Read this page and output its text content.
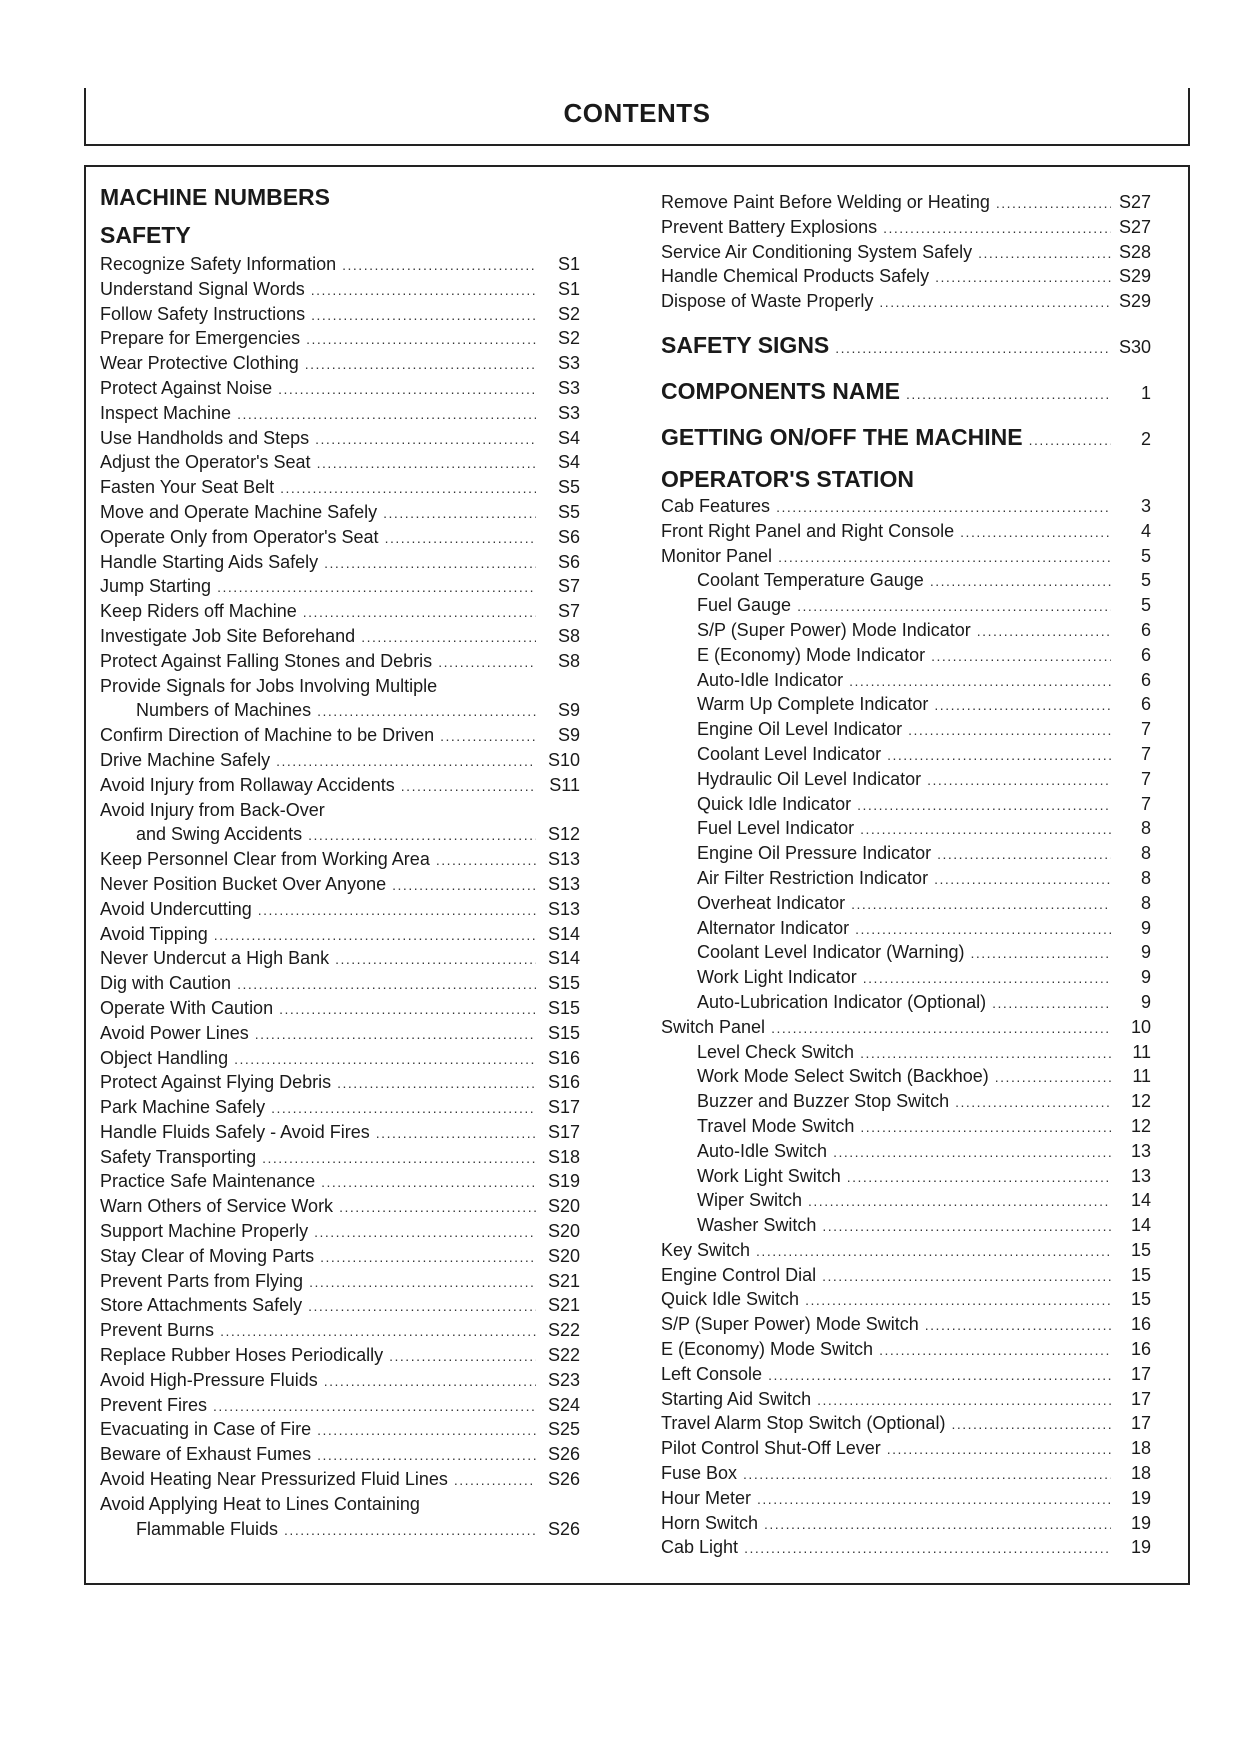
CONTENTS
MACHINE NUMBERS
SAFETY
Recognize Safety Information .....	S1
Understand Signal Words .....	S1
Follow Safety Instructions .....	S2
Prepare for Emergencies .....	S2
Wear Protective Clothing .....	S3
Protect Against Noise .....	S3
Inspect Machine .....	S3
Use Handholds and Steps .....	S4
Adjust the Operator's Seat .....	S4
Fasten Your Seat Belt .....	S5
Move and Operate Machine Safely .....	S5
Operate Only from Operator's Seat .....	S6
Handle Starting Aids Safely .....	S6
Jump Starting .....	S7
Keep Riders off Machine .....	S7
Investigate Job Site Beforehand .....	S8
Protect Against Falling Stones and Debris .....	S8
Provide Signals for Jobs Involving Multiple
Numbers of Machines .....	S9
Confirm Direction of Machine to be Driven .....	S9
Drive Machine Safely .....	S10
Avoid Injury from Rollaway Accidents .....	S11
Avoid Injury from Back-Over
and Swing Accidents .....	S12
Keep Personnel Clear from Working Area .....	S13
Never Position Bucket Over Anyone .....	S13
Avoid Undercutting .....	S13
Avoid Tipping .....	S14
Never Undercut a High Bank .....	S14
Dig with Caution .....	S15
Operate With Caution .....	S15
Avoid Power Lines .....	S15
Object Handling .....	S16
Protect Against Flying Debris .....	S16
Park Machine Safely .....	S17
Handle Fluids Safely - Avoid Fires .....	S17
Safety Transporting .....	S18
Practice Safe Maintenance .....	S19
Warn Others of Service Work .....	S20
Support Machine Properly .....	S20
Stay Clear of Moving Parts .....	S20
Prevent Parts from Flying .....	S21
Store Attachments Safely .....	S21
Prevent Burns .....	S22
Replace Rubber Hoses Periodically .....	S22
Avoid High-Pressure Fluids .....	S23
Prevent Fires .....	S24
Evacuating in Case of Fire .....	S25
Beware of Exhaust Fumes .....	S26
Avoid Heating Near Pressurized Fluid Lines .....	S26
Avoid Applying Heat to Lines Containing
Flammable Fluids .....	S26
Remove Paint Before Welding or Heating .....	S27
Prevent Battery Explosions .....	S27
Service Air Conditioning System Safely .....	S28
Handle Chemical Products Safely .....	S29
Dispose of Waste Properly .....	S29
SAFETY SIGNS .....	S30
COMPONENTS NAME .....	1
GETTING ON/OFF THE MACHINE .....	2
OPERATOR'S STATION
Cab Features .....	3
Front Right Panel and Right Console .....	4
Monitor Panel .....	5
Coolant Temperature Gauge .....	5
Fuel Gauge .....	5
S/P (Super Power) Mode Indicator .....	6
E (Economy) Mode Indicator .....	6
Auto-Idle Indicator .....	6
Warm Up Complete Indicator .....	6
Engine Oil Level Indicator .....	7
Coolant Level Indicator .....	7
Hydraulic Oil Level Indicator .....	7
Quick Idle Indicator .....	7
Fuel Level Indicator .....	8
Engine Oil Pressure Indicator .....	8
Air Filter Restriction Indicator .....	8
Overheat Indicator .....	8
Alternator Indicator .....	9
Coolant Level Indicator (Warning) .....	9
Work Light Indicator .....	9
Auto-Lubrication Indicator (Optional) .....	9
Switch Panel .....	10
Level Check Switch .....	11
Work Mode Select Switch (Backhoe) .....	11
Buzzer and Buzzer Stop Switch .....	12
Travel Mode Switch .....	12
Auto-Idle Switch .....	13
Work Light Switch .....	13
Wiper Switch .....	14
Washer Switch .....	14
Key Switch .....	15
Engine Control Dial .....	15
Quick Idle Switch .....	15
S/P (Super Power) Mode Switch .....	16
E (Economy) Mode Switch .....	16
Left Console .....	17
Starting Aid Switch .....	17
Travel Alarm Stop Switch (Optional) .....	17
Pilot Control Shut-Off Lever .....	18
Fuse Box .....	18
Hour Meter .....	19
Horn Switch .....	19
Cab Light .....	19
